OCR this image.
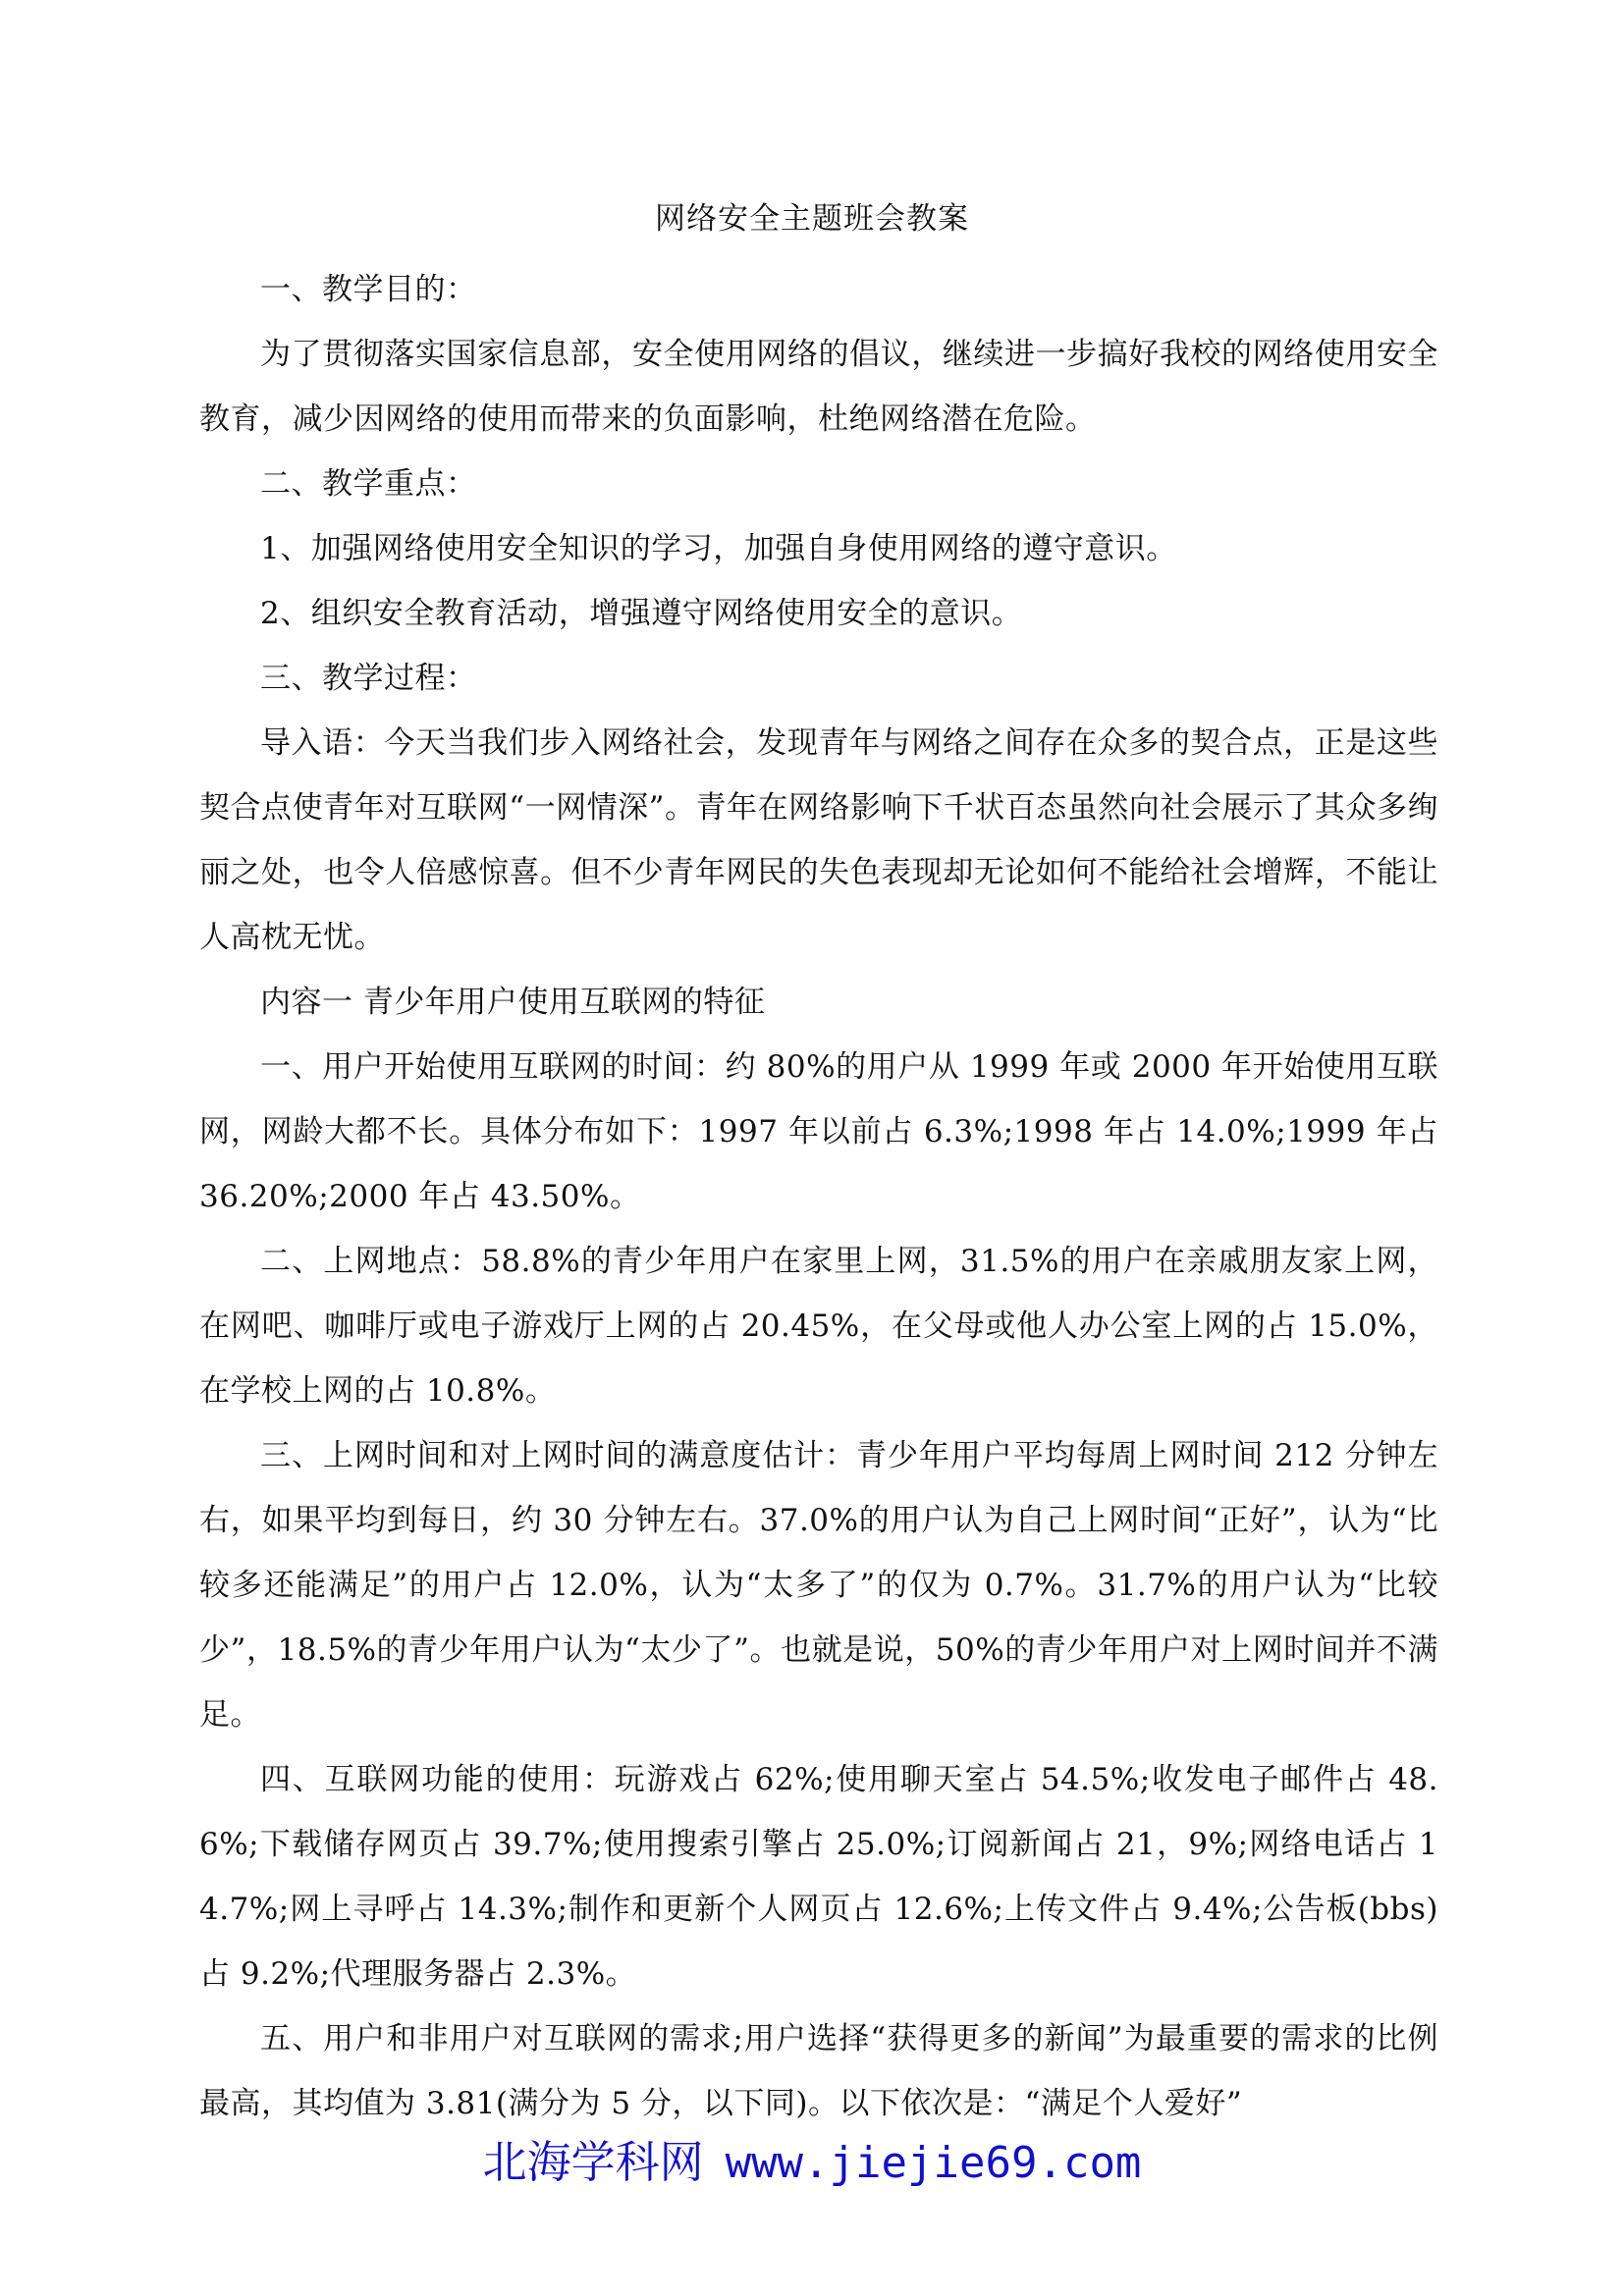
网络安全主题班会教案

一、教学目的：

为了贯彻落实国家信息部，安全使用网络的倡议，继续进一步搞好我校的网络使用安全教育，减少因网络的使用而带来的负面影响，杜绝网络潜在危险。

二、教学重点：

1、加强网络使用安全知识的学习，加强自身使用网络的遵守意识。

2、组织安全教育活动，增强遵守网络使用安全的意识。

三、教学过程：

导入语：今天当我们步入网络社会，发现青年与网络之间存在众多的契合点，正是这些契合点使青年对互联网“一网情深”。青年在网络影响下千状百态虽然向社会展示了其众多绚丽之处，也令人倍感惊喜。但不少青年网民的失色表现却无论如何不能给社会增辉，不能让人高枕无忧。

内容一 青少年用户使用互联网的特征

一、用户开始使用互联网的时间：约 80%的用户从 1999 年或 2000 年开始使用互联网，网龄大都不长。具体分布如下：1997 年以前占 6.3%;1998 年占 14.0%;1999 年占 36.20%;2000 年占 43.50%。

二、上网地点：58.8%的青少年用户在家里上网，31.5%的用户在亲戚朋友家上网，在网吧、咖啡厅或电子游戏厅上网的占 20.45%，在父母或他人办公室上网的占 15.0%，在学校上网的占 10.8%。

三、上网时间和对上网时间的满意度估计：青少年用户平均每周上网时间 212 分钟左右，如果平均到每日，约 30 分钟左右。37.0%的用户认为自己上网时间“正好”，认为“比较多还能满足”的用户占 12.0%，认为“太多了”的仅为 0.7%。31.7%的用户认为“比较少”，18.5%的青少年用户认为“太少了”。也就是说，50%的青少年用户对上网时间并不满足。

四、互联网功能的使用：玩游戏占 62%;使用聊天室占 54.5%;收发电子邮件占 48.6%;下载储存网页占 39.7%;使用搜索引擎占 25.0%;订阅新闻占 21，9%;网络电话占 14.7%;网上寻呼占 14.3%;制作和更新个人网页占 12.6%;上传文件占 9.4%;公告板(bbs)占 9.2%;代理服务器占 2.3%。

五、用户和非用户对互联网的需求;用户选择“获得更多的新闻”为最重要的需求的比例最高，其均值为 3.81(满分为 5 分，以下同)。以下依次是：“满足个人爱好”

北海学科网 www.jiejie69.com
